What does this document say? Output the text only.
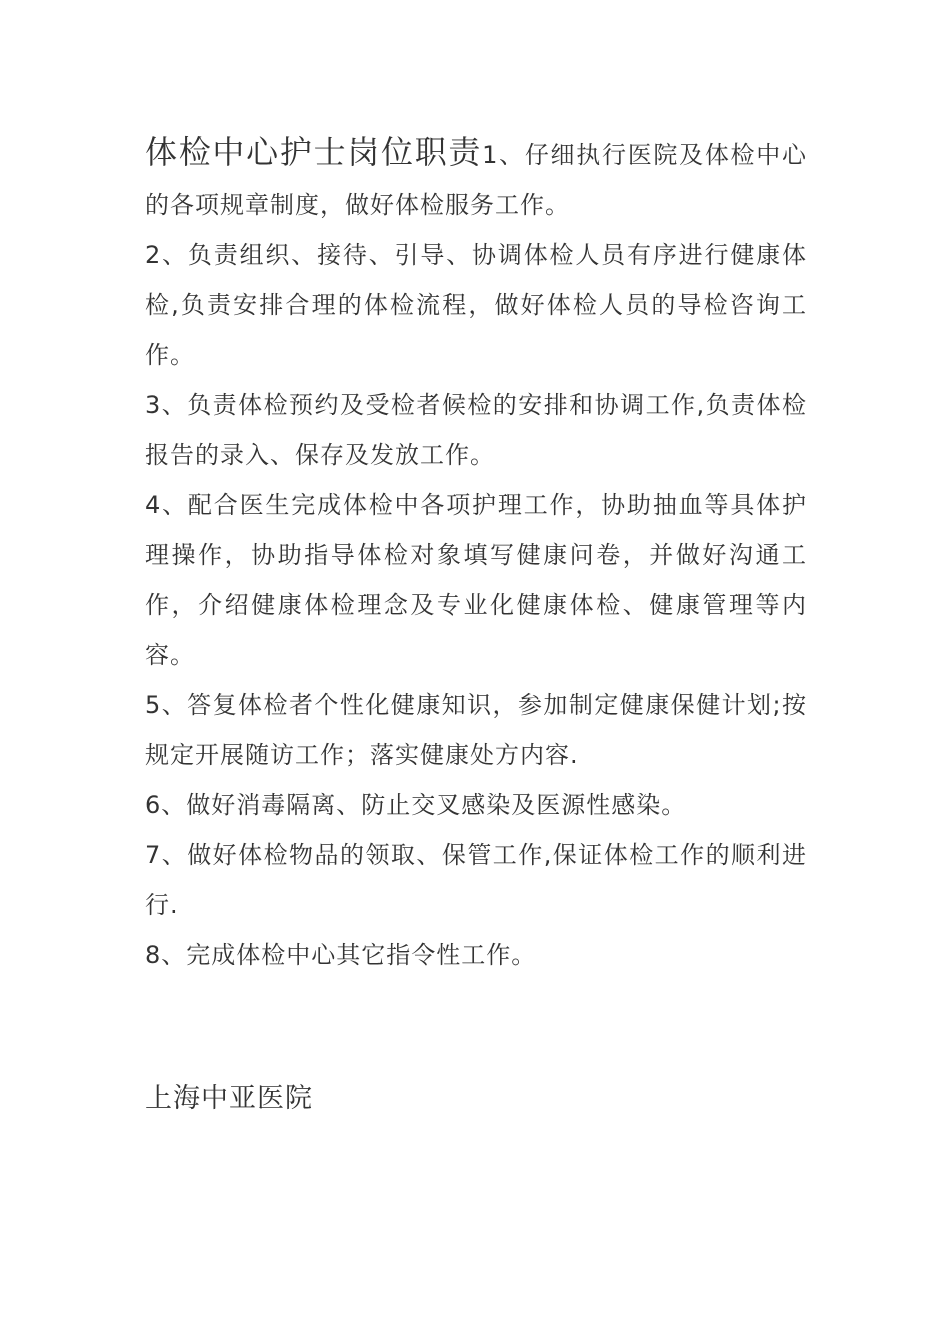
体检中心护士岗位职责1、仔细执行医院及体检中心的各项规章制度，做好体检服务工作。

2、负责组织、接待、引导、协调体检人员有序进行健康体检,负责安排合理的体检流程，做好体检人员的导检咨询工作。

3、负责体检预约及受检者候检的安排和协调工作,负责体检报告的录入、保存及发放工作。

4、配合医生完成体检中各项护理工作，协助抽血等具体护理操作，协助指导体检对象填写健康问卷，并做好沟通工作，介绍健康体检理念及专业化健康体检、健康管理等内容。

5、答复体检者个性化健康知识，参加制定健康保健计划;按规定开展随访工作；落实健康处方内容.

6、做好消毒隔离、防止交叉感染及医源性感染。

7、做好体检物品的领取、保管工作,保证体检工作的顺利进行.

8、完成体检中心其它指令性工作。

上海中亚医院
